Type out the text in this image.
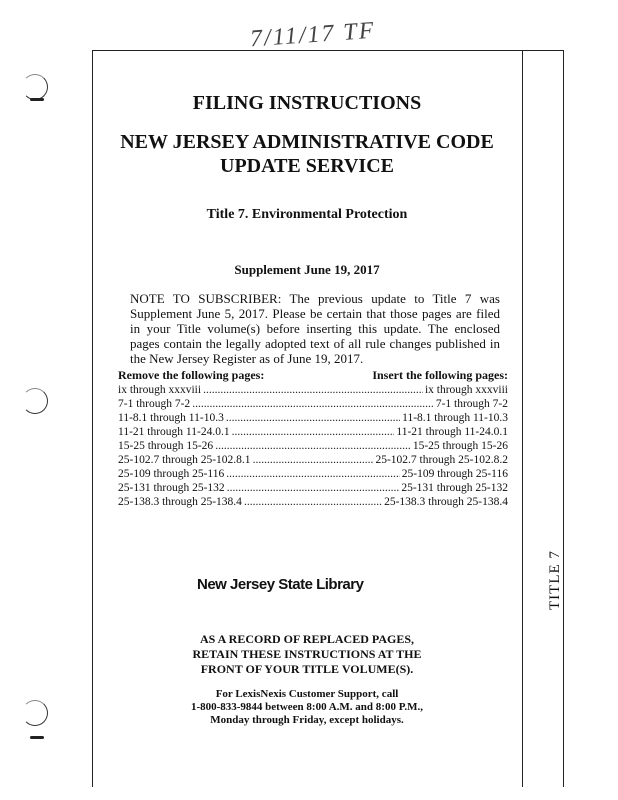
7/11/17 TF
TITLE 7
FILING INSTRUCTIONS
NEW JERSEY ADMINISTRATIVE CODE
UPDATE SERVICE
Title 7. Environmental Protection
Supplement June 19, 2017
NOTE TO SUBSCRIBER: The previous update to Title 7 was Supplement June 5, 2017. Please be certain that those pages are filed in your Title volume(s) before inserting this update. The enclosed pages contain the legally adopted text of all rule changes published in the New Jersey Register as of June 19, 2017.
Remove the following pages:	Insert the following pages:
ix through xxxviii .....	ix through xxxviii
7-1 through 7-2 .....	7-1 through 7-2
11-8.1 through 11-10.3 .....	11-8.1 through 11-10.3
11-21 through 11-24.0.1 .....	11-21 through 11-24.0.1
15-25 through 15-26 .....	15-25 through 15-26
25-102.7 through 25-102.8.1 .....	25-102.7 through 25-102.8.2
25-109 through 25-116 .....	25-109 through 25-116
25-131 through 25-132 .....	25-131 through 25-132
25-138.3 through 25-138.4 .....	25-138.3 through 25-138.4
New Jersey State Library
AS A RECORD OF REPLACED PAGES,
RETAIN THESE INSTRUCTIONS AT THE
FRONT OF YOUR TITLE VOLUME(S).
For LexisNexis Customer Support, call
1-800-833-9844 between 8:00 A.M. and 8:00 P.M.,
Monday through Friday, except holidays.
